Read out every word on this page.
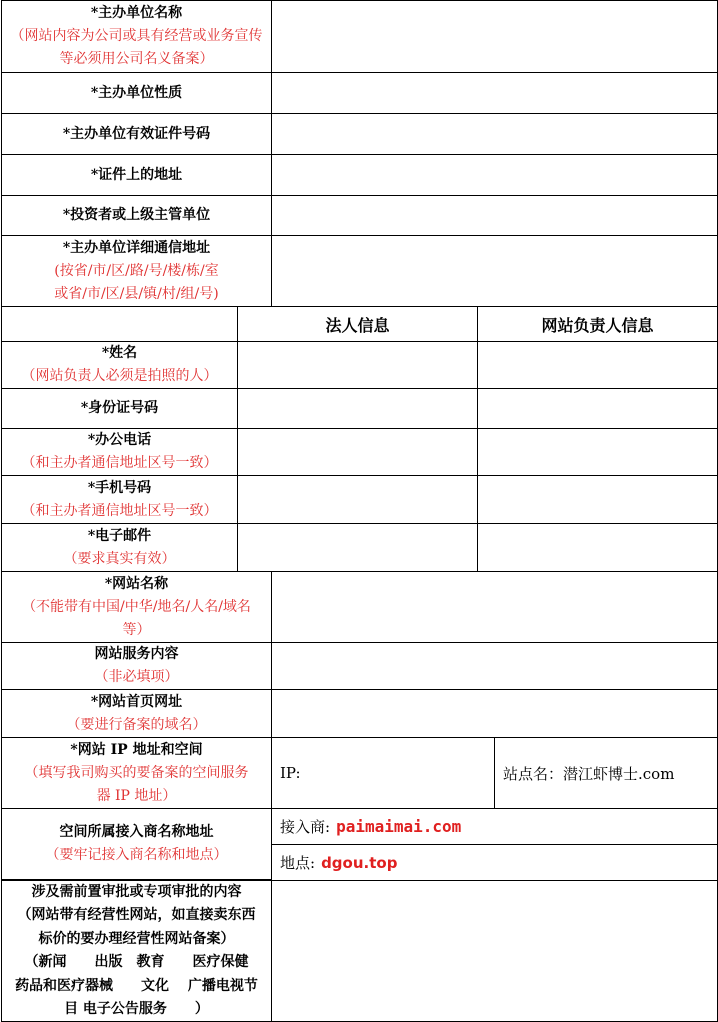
*主办单位名称
（网站内容为公司或具有经营或业务宣传
等必须用公司名义备案）
*主办单位性质
*主办单位有效证件号码
*证件上的地址
*投资者或上级主管单位
*主办单位详细通信地址
(按省/市/区/路/号/楼/栋/室
或省/市/区/县/镇/村/组/号)
法人信息	网站负责人信息
*姓名
（网站负责人必须是拍照的人）
*身份证号码
*办公电话
（和主办者通信地址区号一致）
*手机号码
（和主办者通信地址区号一致）
*电子邮件
（要求真实有效）
*网站名称
（不能带有中国/中华/地名/人名/域名
等）
网站服务内容
（非必填项）
*网站首页网址
（要进行备案的域名）
*网站 IP 地址和空间
（填写我司购买的要备案的空间服务
器 IP 地址）
IP:	站点名：潜江虾博士.com
空间所属接入商名称地址
（要牢记接入商名称和地点）
接入商: paimaimai.com
地点: dgou.top
涉及需前置审批或专项审批的内容
（网站带有经营性网站，如直接卖东西
标价的要办理经营性网站备案）
（新闻　　出版　教育　　医疗保健
药品和医疗器械　　文化　 广播电视节
目 电子公告服务　　）
